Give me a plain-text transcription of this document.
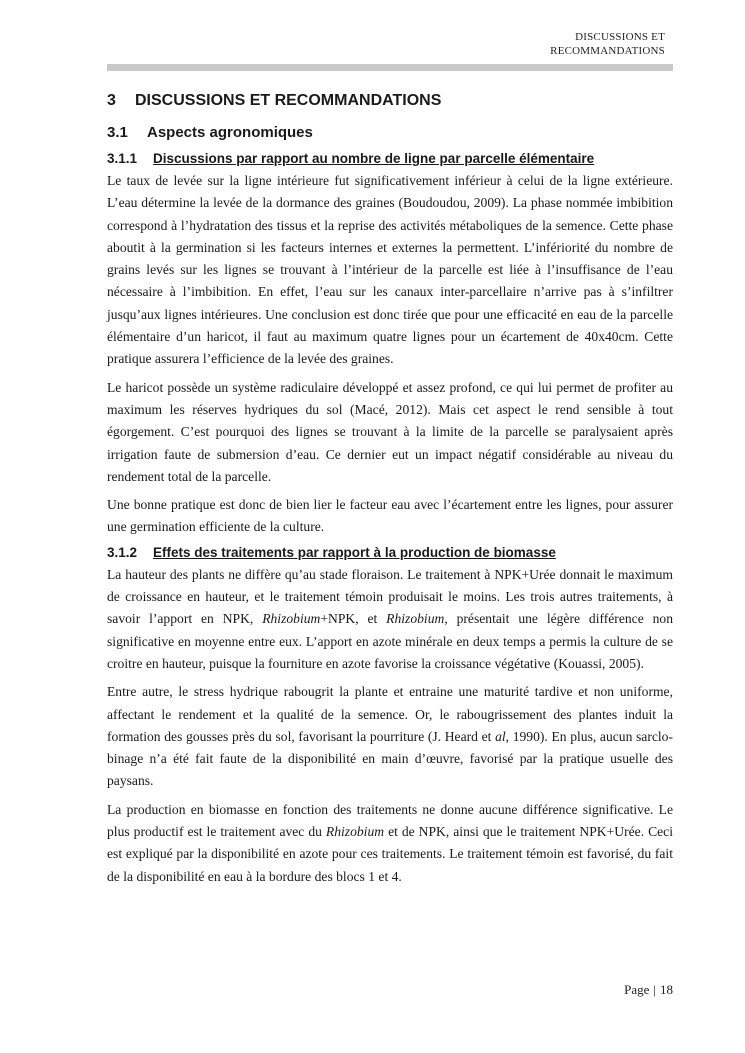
DISCUSSIONS ET
RECOMMANDATIONS
3 DISCUSSIONS ET RECOMMANDATIONS
3.1 Aspects agronomiques
3.1.1 Discussions par rapport au nombre de ligne par parcelle élémentaire

Le taux de levée sur la ligne intérieure fut significativement inférieur à celui de la ligne extérieure. L’eau détermine la levée de la dormance des graines (Boudoudou, 2009). La phase nommée imbibition correspond à l’hydratation des tissus et la reprise des activités métaboliques de la semence. Cette phase aboutit à la germination si les facteurs internes et externes la permettent. L’infériorité du nombre de grains levés sur les lignes se trouvant à l’intérieur de la parcelle est liée à l’insuffisance de l’eau nécessaire à l’imbibition. En effet, l’eau sur les canaux inter-parcellaire n’arrive pas à s’infiltrer jusqu’aux lignes intérieures. Une conclusion est donc tirée que pour une efficacité en eau de la parcelle élémentaire d’un haricot, il faut au maximum quatre lignes pour un écartement de 40x40cm. Cette pratique assurera l’efficience de la levée des graines.

Le haricot possède un système radiculaire développé et assez profond, ce qui lui permet de profiter au maximum les réserves hydriques du sol (Macé, 2012). Mais cet aspect le rend sensible à tout égorgement. C’est pourquoi des lignes se trouvant à la limite de la parcelle se paralysaient après irrigation faute de submersion d’eau. Ce dernier eut un impact négatif considérable au niveau du rendement total de la parcelle.

Une bonne pratique est donc de bien lier le facteur eau avec l’écartement entre les lignes, pour assurer une germination efficiente de la culture.

3.1.2 Effets des traitements par rapport à la production de biomasse

La hauteur des plants ne diffère qu’au stade floraison. Le traitement à NPK+Urée donnait le maximum de croissance en hauteur, et le traitement témoin produisait le moins. Les trois autres traitements, à savoir l’apport en NPK, Rhizobium+NPK, et Rhizobium, présentait une légère différence non significative en moyenne entre eux. L’apport en azote minérale en deux temps a permis la culture de se croitre en hauteur, puisque la fourniture en azote favorise la croissance végétative (Kouassi, 2005).

Entre autre, le stress hydrique rabougrit la plante et entraine une maturité tardive et non uniforme, affectant le rendement et la qualité de la semence. Or, le rabougrissement des plantes induit la formation des gousses près du sol, favorisant la pourriture (J. Heard et al, 1990). En plus, aucun sarclo-binage n’a été fait faute de la disponibilité en main d’œuvre, favorisé par la pratique usuelle des paysans.

La production en biomasse en fonction des traitements ne donne aucune différence significative. Le plus productif est le traitement avec du Rhizobium et de NPK, ainsi que le traitement NPK+Urée. Ceci est expliqué par la disponibilité en azote pour ces traitements. Le traitement témoin est favorisé, du fait de la disponibilité en eau à la bordure des blocs 1 et 4.

Page | 18
